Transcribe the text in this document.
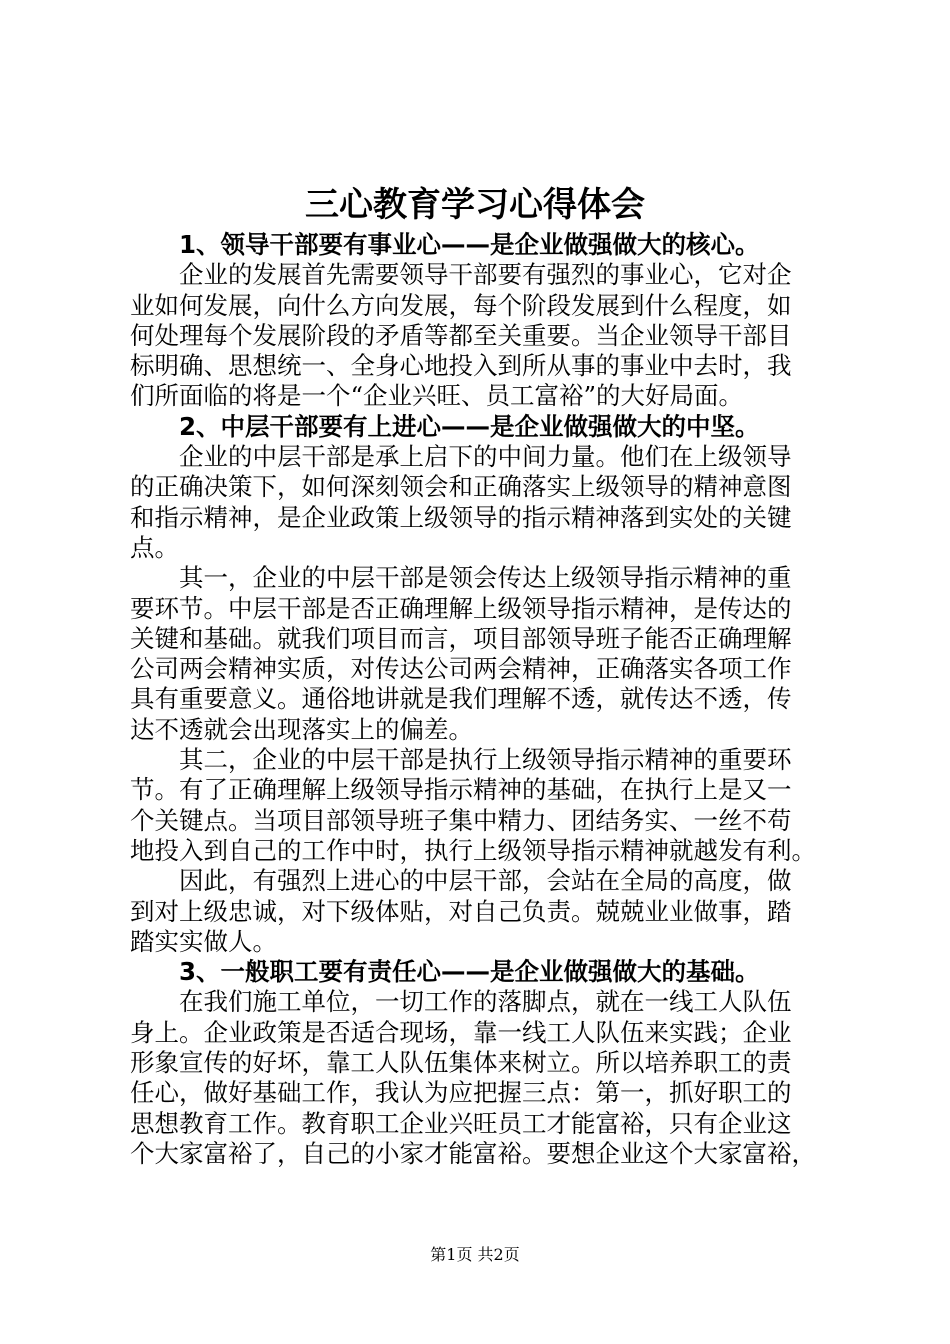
三心教育学习心得体会

1、领导干部要有事业心——是企业做强做大的核心。

企业的发展首先需要领导干部要有强烈的事业心，它对企
业如何发展，向什么方向发展，每个阶段发展到什么程度，如
何处理每个发展阶段的矛盾等都至关重要。当企业领导干部目
标明确、思想统一、全身心地投入到所从事的事业中去时，我
们所面临的将是一个“企业兴旺、员工富裕”的大好局面。

2、中层干部要有上进心——是企业做强做大的中坚。

企业的中层干部是承上启下的中间力量。他们在上级领导
的正确决策下，如何深刻领会和正确落实上级领导的精神意图
和指示精神，是企业政策上级领导的指示精神落到实处的关键
点。

其一，企业的中层干部是领会传达上级领导指示精神的重
要环节。中层干部是否正确理解上级领导指示精神，是传达的
关键和基础。就我们项目而言，项目部领导班子能否正确理解
公司两会精神实质，对传达公司两会精神，正确落实各项工作
具有重要意义。通俗地讲就是我们理解不透，就传达不透，传
达不透就会出现落实上的偏差。

其二，企业的中层干部是执行上级领导指示精神的重要环
节。有了正确理解上级领导指示精神的基础，在执行上是又一
个关键点。当项目部领导班子集中精力、团结务实、一丝不苟
地投入到自己的工作中时，执行上级领导指示精神就越发有利。

因此，有强烈上进心的中层干部，会站在全局的高度，做
到对上级忠诚，对下级体贴，对自己负责。兢兢业业做事，踏
踏实实做人。

3、一般职工要有责任心——是企业做强做大的基础。

在我们施工单位，一切工作的落脚点，就在一线工人队伍
身上。企业政策是否适合现场，靠一线工人队伍来实践；企业
形象宣传的好坏，靠工人队伍集体来树立。所以培养职工的责
任心，做好基础工作，我认为应把握三点：第一，抓好职工的
思想教育工作。教育职工企业兴旺员工才能富裕，只有企业这
个大家富裕了，自己的小家才能富裕。要想企业这个大家富裕，

第1页 共2页
